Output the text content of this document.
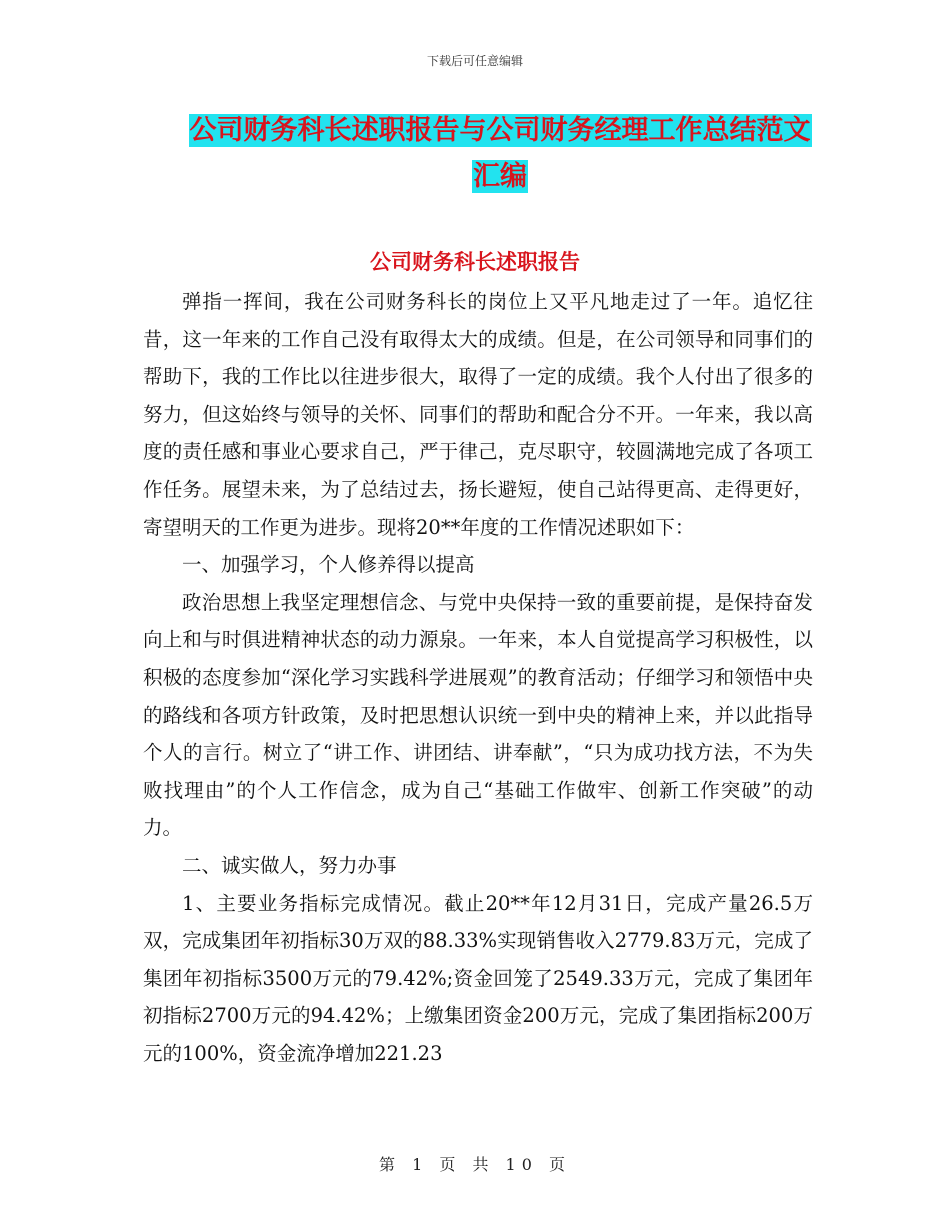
下载后可任意编辑
公司财务科长述职报告与公司财务经理工作总结范文
汇编
公司财务科长述职报告

弹指一挥间，我在公司财务科长的岗位上又平凡地走过了一年。追忆往昔，这一年来的工作自己没有取得太大的成绩。但是，在公司领导和同事们的帮助下，我的工作比以往进步很大，取得了一定的成绩。我个人付出了很多的努力，但这始终与领导的关怀、同事们的帮助和配合分不开。一年来，我以高度的责任感和事业心要求自己，严于律己，克尽职守，较圆满地完成了各项工作任务。展望未来，为了总结过去，扬长避短，使自己站得更高、走得更好，寄望明天的工作更为进步。现将20**年度的工作情况述职如下：

一、加强学习，个人修养得以提高

政治思想上我坚定理想信念、与党中央保持一致的重要前提，是保持奋发向上和与时俱进精神状态的动力源泉。一年来，本人自觉提高学习积极性，以积极的态度参加“深化学习实践科学进展观”的教育活动；仔细学习和领悟中央的路线和各项方针政策，及时把思想认识统一到中央的精神上来，并以此指导个人的言行。树立了“讲工作、讲团结、讲奉献”，“只为成功找方法，不为失败找理由”的个人工作信念，成为自己“基础工作做牢、创新工作突破”的动力。

二、诚实做人，努力办事

1、主要业务指标完成情况。截止20**年12月31日，完成产量26.5万双，完成集团年初指标30万双的88.33%实现销售收入2779.83万元，完成了集团年初指标3500万元的79.42%;资金回笼了2549.33万元，完成了集团年初指标2700万元的94.42%；上缴集团资金200万元，完成了集团指标200万元的100%，资金流净增加221.23

第 1 页 共 10 页
